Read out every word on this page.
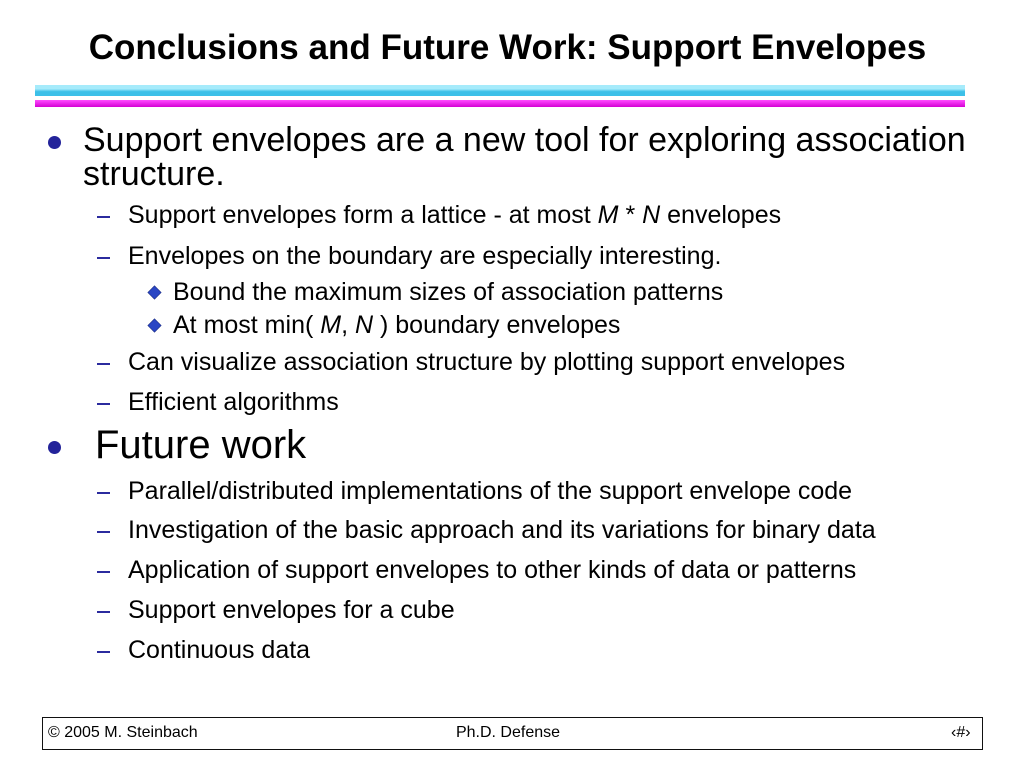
Conclusions and Future Work: Support Envelopes
Support envelopes are a new tool for exploring association structure.
Support envelopes form a lattice - at most M * N envelopes
Envelopes on the boundary are especially interesting.
Bound the maximum sizes of association patterns
At most min( M, N ) boundary envelopes
Can visualize association structure by plotting support envelopes
Efficient algorithms
Future work
Parallel/distributed implementations of the support envelope code
Investigation of the basic approach and its variations for binary data
Application of support envelopes to other kinds of data or patterns
Support envelopes for a cube
Continuous data
© 2005 M. Steinbach	Ph.D. Defense	‹#›
